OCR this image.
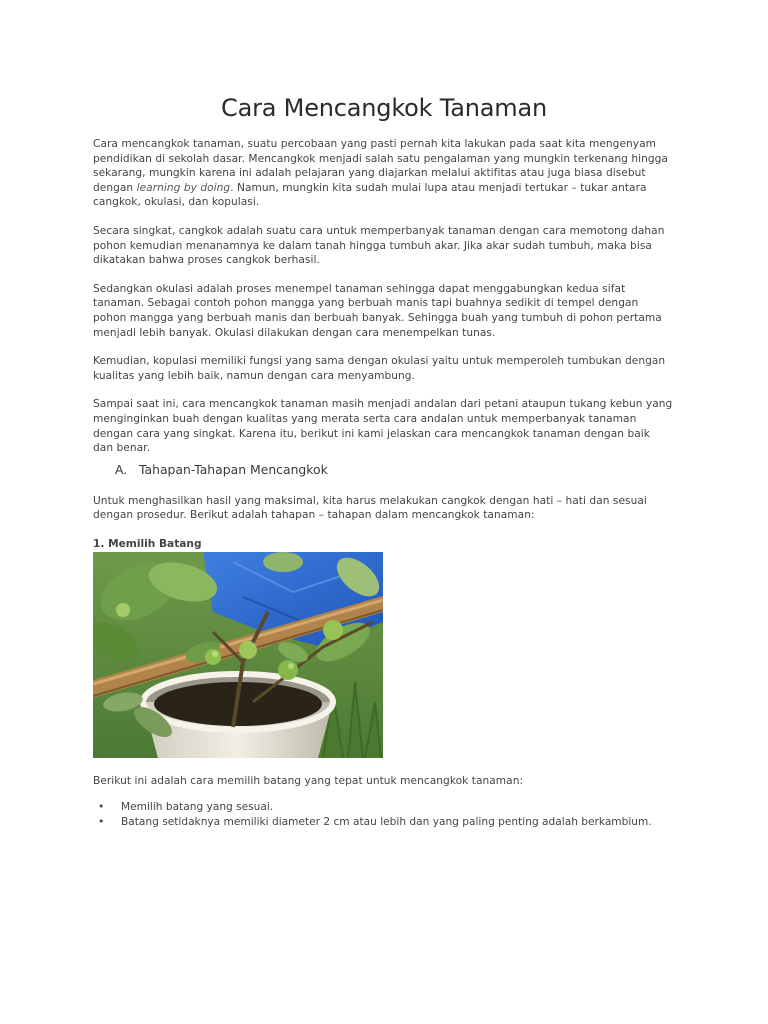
Cara Mencangkok Tanaman

Cara mencangkok tanaman, suatu percobaan yang pasti pernah kita lakukan pada saat kita mengenyam pendidikan di sekolah dasar. Mencangkok menjadi salah satu pengalaman yang mungkin terkenang hingga sekarang, mungkin karena ini adalah pelajaran yang diajarkan melalui aktifitas atau juga biasa disebut dengan learning by doing. Namun, mungkin kita sudah mulai lupa atau menjadi tertukar – tukar antara cangkok, okulasi, dan kopulasi.

Secara singkat, cangkok adalah suatu cara untuk memperbanyak tanaman dengan cara memotong dahan pohon kemudian menanamnya ke dalam tanah hingga tumbuh akar. Jika akar sudah tumbuh, maka bisa dikatakan bahwa proses cangkok berhasil.

Sedangkan okulasi adalah proses menempel tanaman sehingga dapat menggabungkan kedua sifat tanaman. Sebagai contoh pohon mangga yang berbuah manis tapi buahnya sedikit di tempel dengan pohon mangga yang berbuah manis dan berbuah banyak. Sehingga buah yang tumbuh di pohon pertama menjadi lebih banyak. Okulasi dilakukan dengan cara menempelkan tunas.

Kemudian, kopulasi memiliki fungsi yang sama dengan okulasi yaitu untuk memperoleh tumbukan dengan kualitas yang lebih baik, namun dengan cara menyambung.

Sampai saat ini, cara mencangkok tanaman masih menjadi andalan dari petani ataupun tukang kebun yang menginginkan buah dengan kualitas yang merata serta cara andalan untuk memperbanyak tanaman dengan cara yang singkat. Karena itu, berikut ini kami jelaskan cara mencangkok tanaman dengan baik dan benar.

A. Tahapan-Tahapan Mencangkok

Untuk menghasilkan hasil yang maksimal, kita harus melakukan cangkok dengan hati – hati dan sesuai dengan prosedur. Berikut adalah tahapan – tahapan dalam mencangkok tanaman:

1. Memilih Batang

Berikut ini adalah cara memilih batang yang tepat untuk mencangkok tanaman:

• Memilih batang yang sesuai.
• Batang setidaknya memiliki diameter 2 cm atau lebih dan yang paling penting adalah berkambium.
